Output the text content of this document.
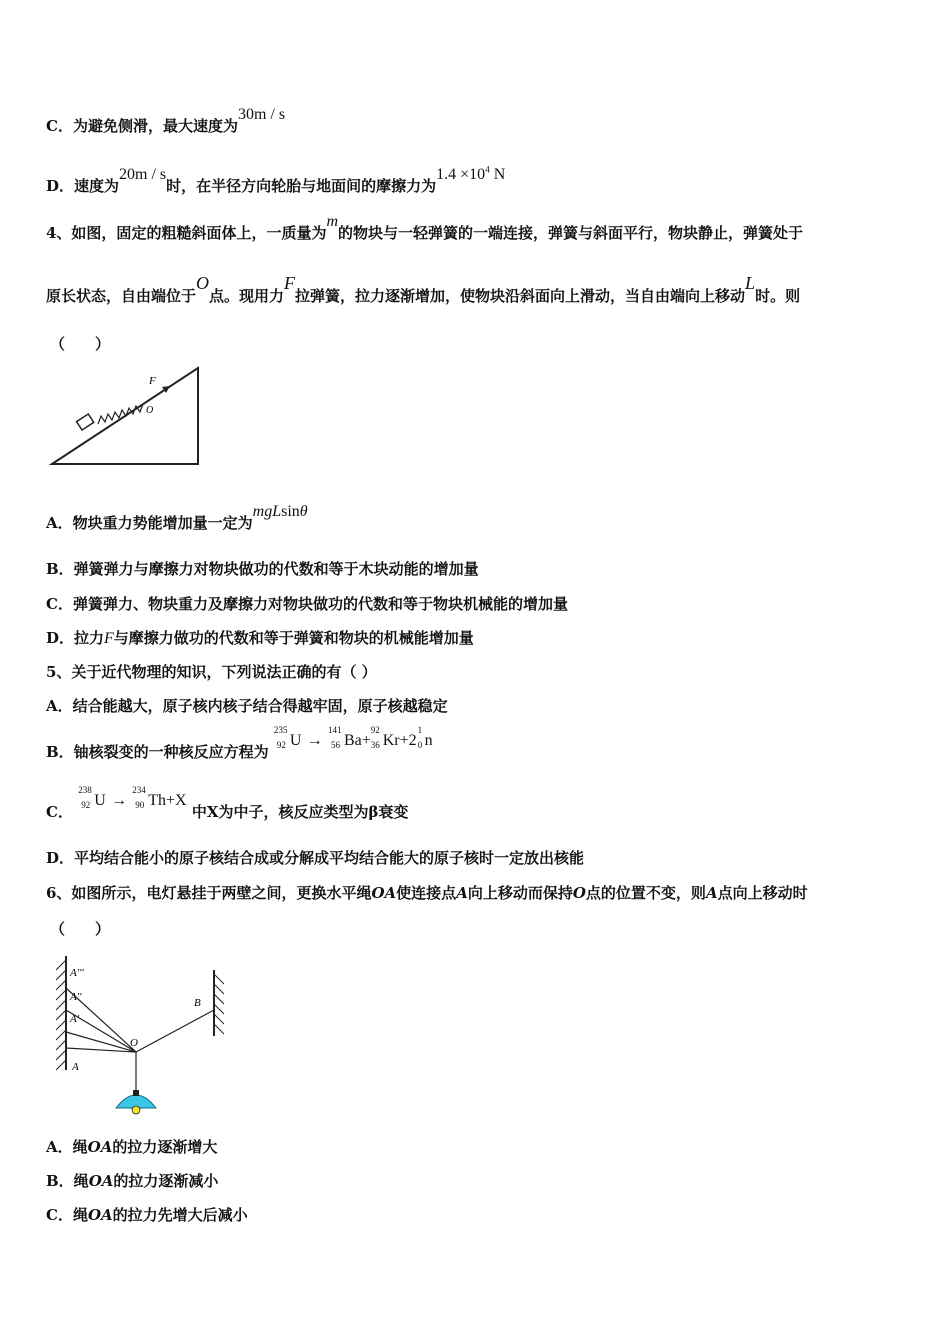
C．为避免侧滑，最大速度为30m / s
D．速度为20m / s时，在半径方向轮胎与地面间的摩擦力为$1.4 \times 10^4$ N
4、如图，固定的粗糙斜面体上，一质量为m的物块与一轻弹簧的一端连接，弹簧与斜面平行，物块静止，弹簧处于
原长状态，自由端位于O点。现用力F拉弹簧，拉力逐渐增加，使物块沿斜面向上滑动，当自由端向上移动L时。则
（　　）
F
O
A．物块重力势能增加量一定为mgLsinθ
B．弹簧弹力与摩擦力对物块做功的代数和等于木块动能的增加量
C．弹簧弹力、物块重力及摩擦力对物块做功的代数和等于物块机械能的增加量
D．拉力F与摩擦力做功的代数和等于弹簧和物块的机械能增加量
5、关于近代物理的知识，下列说法正确的有（ ）
A．结合能越大，原子核内核子结合得越牢固，原子核越稳定
B．铀核裂变的一种核反应方程为
235
92 U →
141
56 Ba+
92
36 Kr+2
1
0 n
C．
238
92 U →
234
90 Th+X 中X为中子，核反应类型为β衰变
D．平均结合能小的原子核结合成或分解成平均结合能大的原子核时一定放出核能
6、如图所示，电灯悬挂于两壁之间，更换水平绳OA使连接点A向上移动而保持O点的位置不变，则A点向上移动时
（　　）
A'''
A''
A'
A
O
B
A．绳OA的拉力逐渐增大
B．绳OA的拉力逐渐减小
C．绳OA的拉力先增大后减小
